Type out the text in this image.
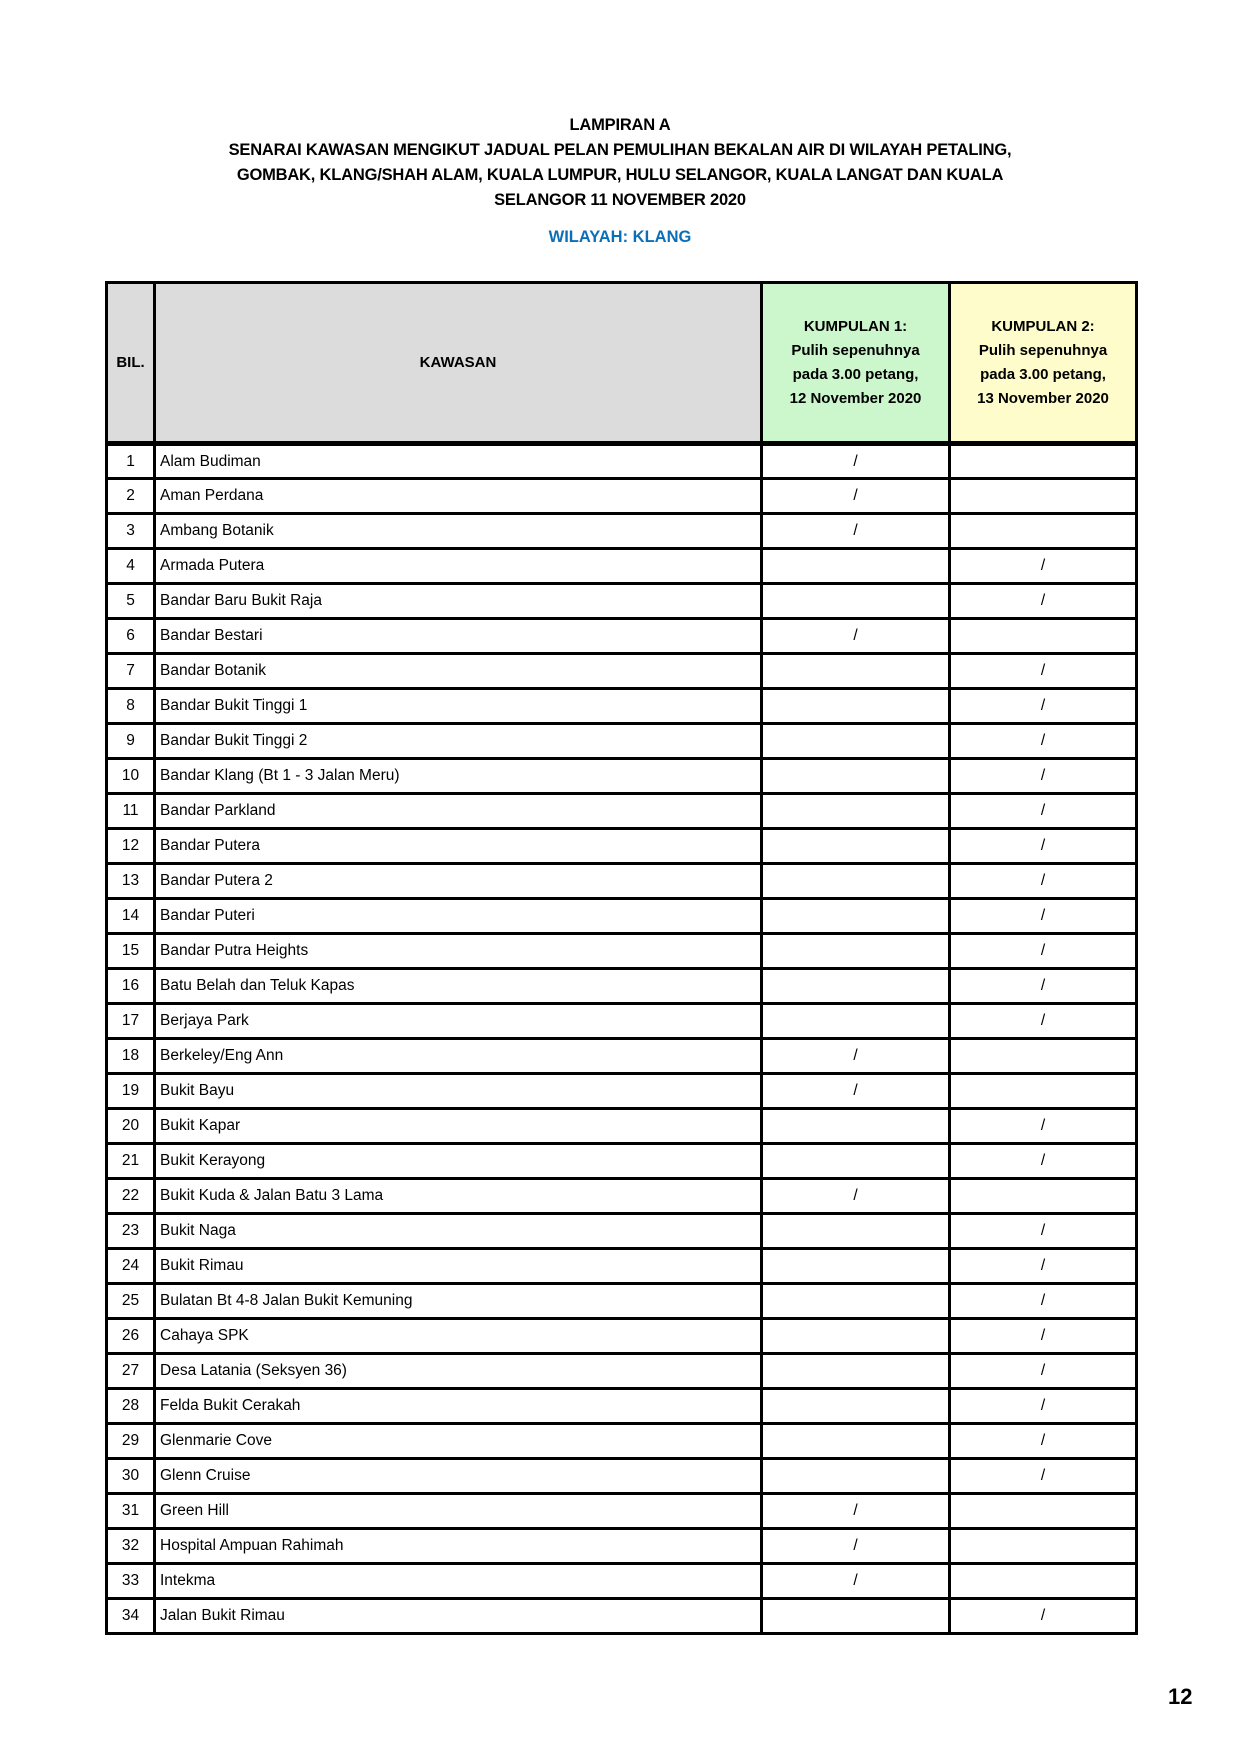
LAMPIRAN A
SENARAI KAWASAN MENGIKUT JADUAL PELAN PEMULIHAN BEKALAN AIR DI WILAYAH PETALING,
GOMBAK, KLANG/SHAH ALAM, KUALA LUMPUR, HULU SELANGOR, KUALA LANGAT DAN KUALA
SELANGOR 11 NOVEMBER 2020
WILAYAH: KLANG
BIL.	KAWASAN	
KUMPULAN 1:
Pulih sepenuhnya
pada 3.00 petang,
12 November 2020

KUMPULAN 2:
Pulih sepenuhnya
pada 3.00 petang,
13 November 2020

1	Alam Budiman	/	
2	Aman Perdana	/	
3	Ambang Botanik	/	
4	Armada Putera		/
5	Bandar Baru Bukit Raja		/
6	Bandar Bestari	/	
7	Bandar Botanik		/
8	Bandar Bukit Tinggi 1		/
9	Bandar Bukit Tinggi 2		/
10	Bandar Klang (Bt 1 - 3 Jalan Meru)		/
11	Bandar Parkland		/
12	Bandar Putera		/
13	Bandar Putera 2		/
14	Bandar Puteri		/
15	Bandar Putra Heights		/
16	Batu Belah dan Teluk Kapas		/
17	Berjaya Park		/
18	Berkeley/Eng Ann	/	
19	Bukit Bayu	/	
20	Bukit Kapar		/
21	Bukit Kerayong		/
22	Bukit Kuda & Jalan Batu 3 Lama	/	
23	Bukit Naga		/
24	Bukit Rimau		/
25	Bulatan Bt 4-8 Jalan Bukit Kemuning		/
26	Cahaya SPK		/
27	Desa Latania (Seksyen 36)		/
28	Felda Bukit Cerakah		/
29	Glenmarie Cove		/
30	Glenn Cruise		/
31	Green Hill	/	
32	Hospital Ampuan Rahimah	/	
33	Intekma	/	
34	Jalan Bukit Rimau		/
12
